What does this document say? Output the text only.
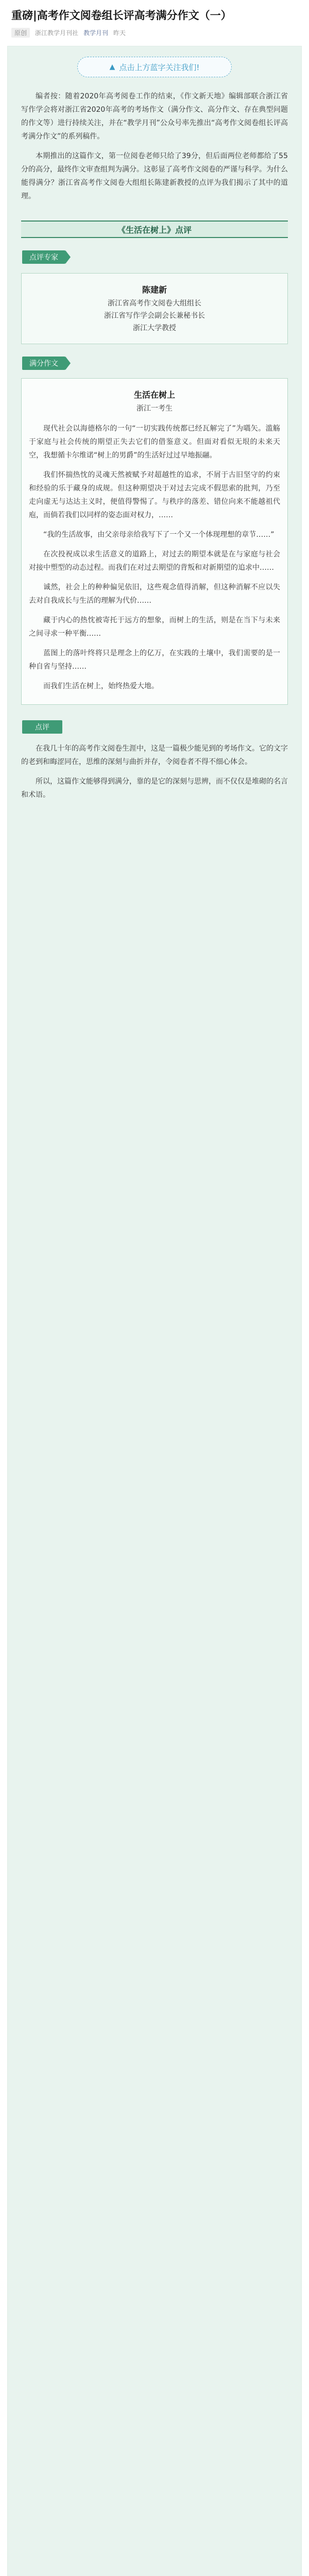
重磅|高考作文阅卷组长评高考满分作文（一）
原创	浙江教学月刊社 教学月刊 昨天
▲ 点击上方蓝字关注我们!
编者按：随着2020年高考阅卷工作的结束，《作文新天地》编辑部联合浙江省写作学会将对浙江省2020年高考的考场作文（满分作文、高分作文、存在典型问题的作文等）进行持续关注，并在“教学月刊”公众号率先推出“高考作文阅卷组长评高考满分作文”的系列稿件。
本期推出的这篇作文，第一位阅卷老师只给了39分，但后面两位老师都给了55分的高分，最终作文审查组判为满分。这彰显了高考作文阅卷的严谨与科学。为什么能得满分？浙江省高考作文阅卷大组组长陈建新教授的点评为我们揭示了其中的道理。
《生活在树上》点评
点评专家
陈建新
浙江省高考作文阅卷大组组长
浙江省写作学会副会长兼秘书长
浙江大学教授
满分作文
生活在树上
浙江一考生
现代社会以海德格尔的一句“一切实践传统都已经瓦解完了”为嚆矢。滥觞于家庭与社会传统的期望正失去它们的借鉴意义。但面对看似无垠的未来天空，我想循卡尔维诺“树上的男爵”的生活好过过早地振翮。
我们怀揣热忱的灵魂天然被赋予对超越性的追求，不屑于古旧坚守的约束和经验的乐于藏身的成规。但这种期望决于对过去完成不假思索的批判，乃至走向虚无与达达主义时，便值得警惕了。与秩序的落差、错位向来不能越祖代庖，而倘若我们以同样的姿态面对权力，……
“我的生活故事，由父亲母亲给我写下了一个又一个体现理想的章节……”
在次投祝成以求生活意义的道路上，对过去的期望本就是在与家庭与社会对接中塑型的动态过程。而我们在对过去期望的背叛和对新期望的追求中……
诚然，社会上的种种偏见依旧，这些观念值得消解，但这种消解不应以失去对自我成长与生活的理解为代价……
藏于内心的热忱被寄托于远方的想象，而树上的生活，则是在当下与未来之间寻求一种平衡……
蓝图上的落叶终将只是理念上的亿万，在实践的土壤中，我们需要的是一种自省与坚持……
而我们生活在树上，始终热爱大地。
点评
在我几十年的高考作文阅卷生涯中，这是一篇极少能见到的考场作文。它的文字的老到和晦涩同在，思维的深刻与曲折并存，令阅卷者不得不细心体会。
所以，这篇作文能够得到满分，靠的是它的深刻与思辨，而不仅仅是堆砌的名言和术语。
